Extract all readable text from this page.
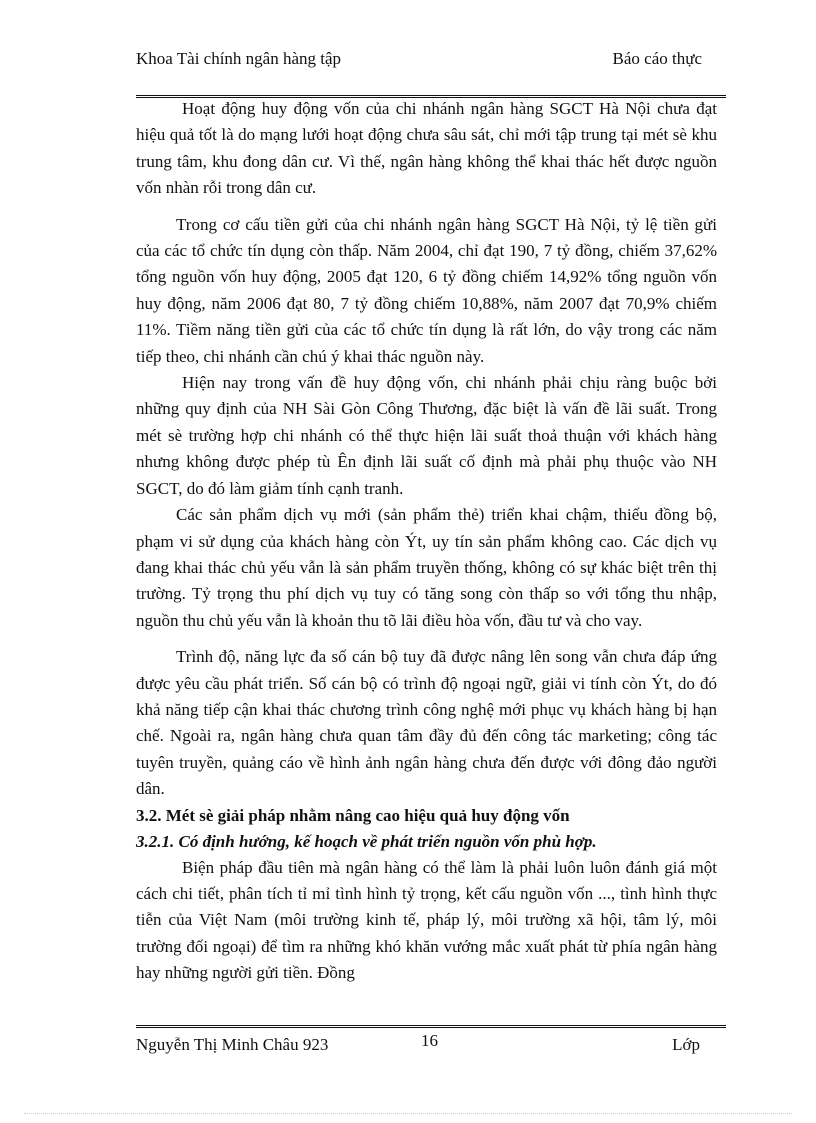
Khoa Tài chính ngân hàng tập	Báo cáo thực

Hoạt động huy động vốn của chi nhánh ngân hàng SGCT Hà Nội chưa đạt hiệu quả tốt là do mạng lưới hoạt động chưa sâu sát, chỉ mới tập trung tại mét sè khu trung tâm, khu đong dân cư. Vì thế, ngân hàng không thể khai thác hết được nguồn vốn nhàn rỗi trong dân cư.

Trong cơ cấu tiền gửi của chi nhánh ngân hàng SGCT Hà Nội, tỷ lệ tiền gửi của các tổ chức tín dụng còn thấp. Năm 2004, chỉ đạt 190, 7 tỷ đồng, chiếm 37,62% tổng nguồn vốn huy động, 2005 đạt 120, 6 tỷ đồng chiếm 14,92% tổng nguồn vốn huy động, năm 2006 đạt 80, 7 tỷ đồng chiếm 10,88%, năm 2007 đạt 70,9% chiếm 11%. Tiềm năng tiền gửi của các tổ chức tín dụng là rất lớn, do vậy trong các năm tiếp theo, chi nhánh cần chú ý khai thác nguồn này.

Hiện nay trong vấn đề huy động vốn, chi nhánh phải chịu ràng buộc bởi những quy định của NH Sài Gòn Công Thương, đặc biệt là vấn đề lãi suất. Trong mét sè trường hợp chi nhánh có thể thực hiện lãi suất thoả thuận với khách hàng nhưng không được phép tù Ên định lãi suất cố định mà phải phụ thuộc vào NH SGCT, do đó làm giảm tính cạnh tranh.

Các sản phẩm dịch vụ mới (sản phẩm thẻ) triển khai chậm, thiếu đồng bộ, phạm vi sử dụng của khách hàng còn Ýt, uy tín sản phẩm không cao. Các dịch vụ đang khai thác chủ yếu vẫn là sản phẩm truyền thống, không có sự khác biệt trên thị trường. Tỷ trọng thu phí dịch vụ tuy có tăng song còn thấp so với tổng thu nhập, nguồn thu chủ yếu vẫn là khoản thu tõ lãi điều hòa vốn, đầu tư và cho vay.

Trình độ, năng lực đa số cán bộ tuy đã được nâng lên song vẫn chưa đáp ứng được yêu cầu phát triển. Số cán bộ có trình độ ngoại ngữ, giải vi tính còn Ýt, do đó khả năng tiếp cận khai thác chương trình công nghệ mới phục vụ khách hàng bị hạn chế. Ngoài ra, ngân hàng chưa quan tâm đầy đủ đến công tác marketing; công tác tuyên truyền, quảng cáo về hình ảnh ngân hàng chưa đến được với đông đảo người dân.

3.2. Mét sè giải pháp nhằm nâng cao hiệu quả huy động vốn

3.2.1. Có định hướng, kế hoạch về phát triển nguồn vốn phù hợp.

Biện pháp đầu tiên mà ngân hàng có thể làm là phải luôn luôn đánh giá một cách chi tiết, phân tích tỉ mỉ tình hình tỷ trọng, kết cấu nguồn vốn ..., tình hình thực tiễn của Việt Nam (môi trường kinh tế, pháp lý, môi trường xã hội, tâm lý, môi trường đối ngoại) để tìm ra những khó khăn vướng mắc xuất phát từ phía ngân hàng hay những người gửi tiền. Đồng

Nguyễn Thị Minh Châu 923	16	Lớp
